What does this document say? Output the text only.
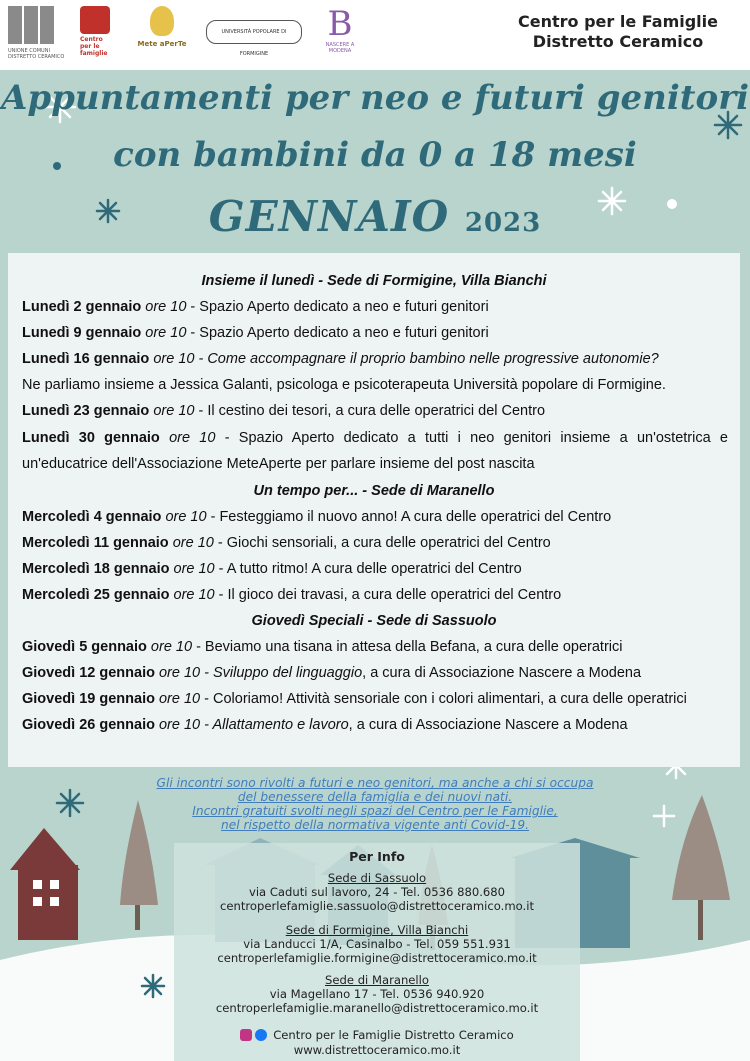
UNIONE COMUNI DISTRETTO CERAMICO
Centro per le famiglie
Mete aPerTe
UNIVERSITÀ POPOLARE DI FORMIGINE
B
NASCERE A MODENA
Centro per le Famiglie
Distretto Ceramico
Appuntamenti per neo e futuri genitori
con bambini da 0 a 18 mesi
GENNAIO 2023
Insieme il lunedì - Sede di Formigine, Villa Bianchi
Lunedì 2 gennaio ore 10 - Spazio Aperto dedicato a neo e futuri genitori
Lunedì 9 gennaio ore 10 - Spazio Aperto dedicato a neo e futuri genitori
Lunedì 16 gennaio ore 10 - Come accompagnare il proprio bambino nelle progressive autonomie?
Ne parliamo insieme a Jessica Galanti, psicologa e psicoterapeuta Università popolare di Formigine.
Lunedì 23 gennaio ore 10 - Il cestino dei tesori, a cura delle operatrici del Centro
Lunedì 30 gennaio ore 10 - Spazio Aperto dedicato a tutti i neo genitori insieme a un'ostetrica e un'educatrice dell'Associazione MeteAperte per parlare insieme del post nascita
Un tempo per... - Sede di Maranello
Mercoledì 4 gennaio ore 10 - Festeggiamo il nuovo anno! A cura delle operatrici del Centro
Mercoledì 11 gennaio ore 10 - Giochi sensoriali, a cura delle operatrici del Centro
Mercoledì 18 gennaio ore 10 - A tutto ritmo! A cura delle operatrici del Centro
Mercoledì 25 gennaio ore 10 - Il gioco dei travasi, a cura delle operatrici del Centro
Giovedì Speciali - Sede di Sassuolo
Giovedì 5 gennaio ore 10 - Beviamo una tisana in attesa della Befana, a cura delle operatrici
Giovedì 12 gennaio ore 10 - Sviluppo del linguaggio, a cura di Associazione Nascere a Modena
Giovedì 19 gennaio ore 10 - Coloriamo! Attività sensoriale con i colori alimentari, a cura delle operatrici
Giovedì 26 gennaio ore 10 - Allattamento e lavoro, a cura di Associazione Nascere a Modena
Gli incontri sono rivolti a futuri e neo genitori, ma anche a chi si occupa
del benessere della famiglia e dei nuovi nati.
Incontri gratuiti svolti negli spazi del Centro per le Famiglie,
nel rispetto della normativa vigente anti Covid-19.
Per Info
Sede di Sassuolo
via Caduti sul lavoro, 24 - Tel. 0536 880.680
centroperlefamiglie.sassuolo@distrettoceramico.mo.it
Sede di Formigine, Villa Bianchi
via Landucci 1/A, Casinalbo - Tel. 059 551.931
centroperlefamiglie.formigine@distrettoceramico.mo.it
Sede di Maranello
via Magellano 17 - Tel. 0536 940.920
centroperlefamiglie.maranello@distrettoceramico.mo.it
Centro per le Famiglie Distretto Ceramico
www.distrettoceramico.mo.it
